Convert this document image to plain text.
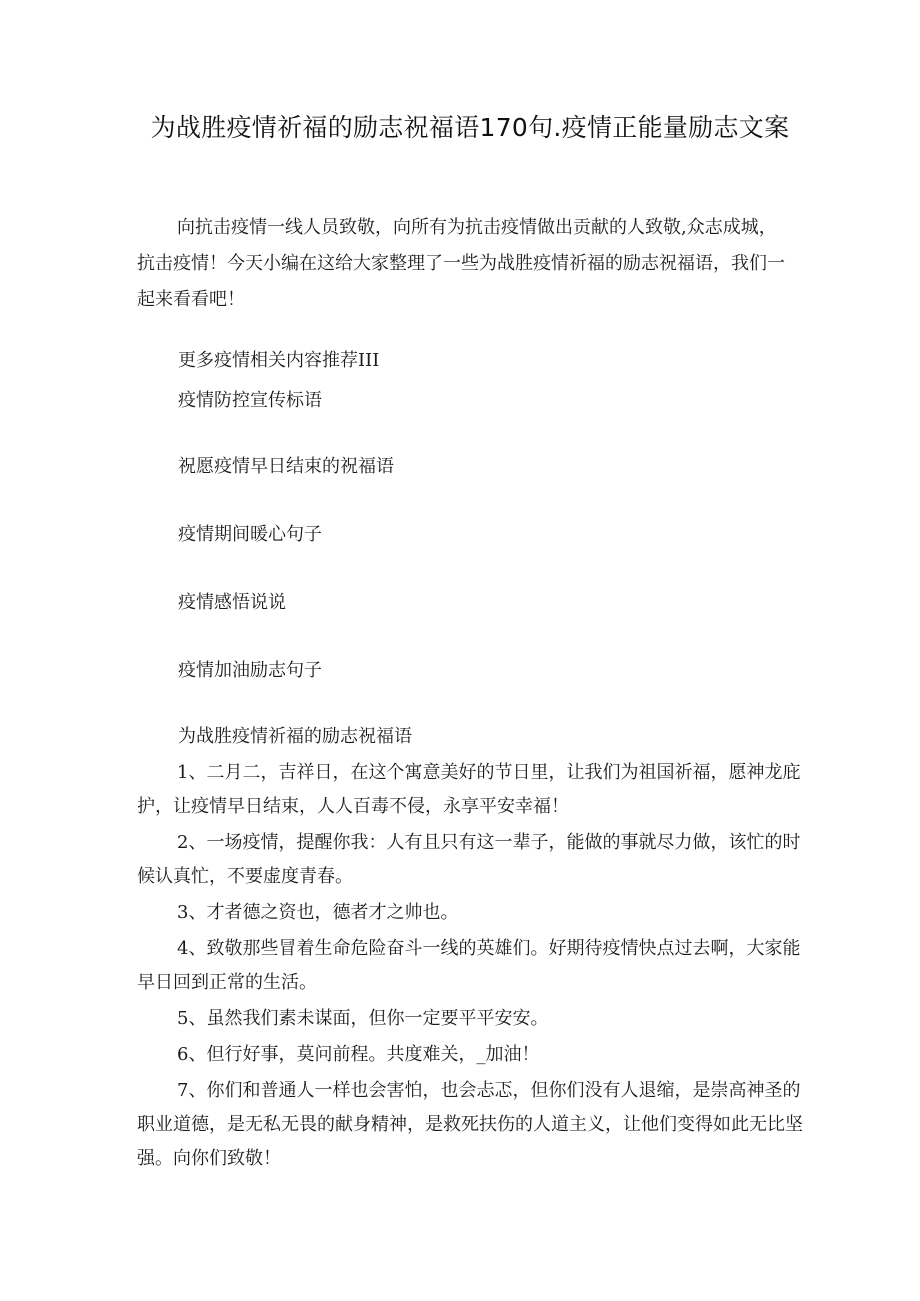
为战胜疫情祈福的励志祝福语170句.疫情正能量励志文案

向抗击疫情一线人员致敬，向所有为抗击疫情做出贡献的人致敬,众志成城，抗击疫情！今天小编在这给大家整理了一些为战胜疫情祈福的励志祝福语，我们一起来看看吧！

更多疫情相关内容推荐III
疫情防控宣传标语
祝愿疫情早日结束的祝福语
疫情期间暖心句子
疫情感悟说说
疫情加油励志句子
为战胜疫情祈福的励志祝福语
1、二月二，吉祥日，在这个寓意美好的节日里，让我们为祖国祈福，愿神龙庇护，让疫情早日结束，人人百毒不侵，永享平安幸福！
2、一场疫情，提醒你我：人有且只有这一辈子，能做的事就尽力做，该忙的时候认真忙，不要虚度青春。
3、才者德之资也，德者才之帅也。
4、致敬那些冒着生命危险奋斗一线的英雄们。好期待疫情快点过去啊，大家能早日回到正常的生活。
5、虽然我们素未谋面，但你一定要平平安安。
6、但行好事，莫问前程。共度难关，_加油！
7、你们和普通人一样也会害怕，也会忐忑，但你们没有人退缩，是崇高神圣的职业道德，是无私无畏的献身精神，是救死扶伤的人道主义，让他们变得如此无比坚强。向你们致敬！
